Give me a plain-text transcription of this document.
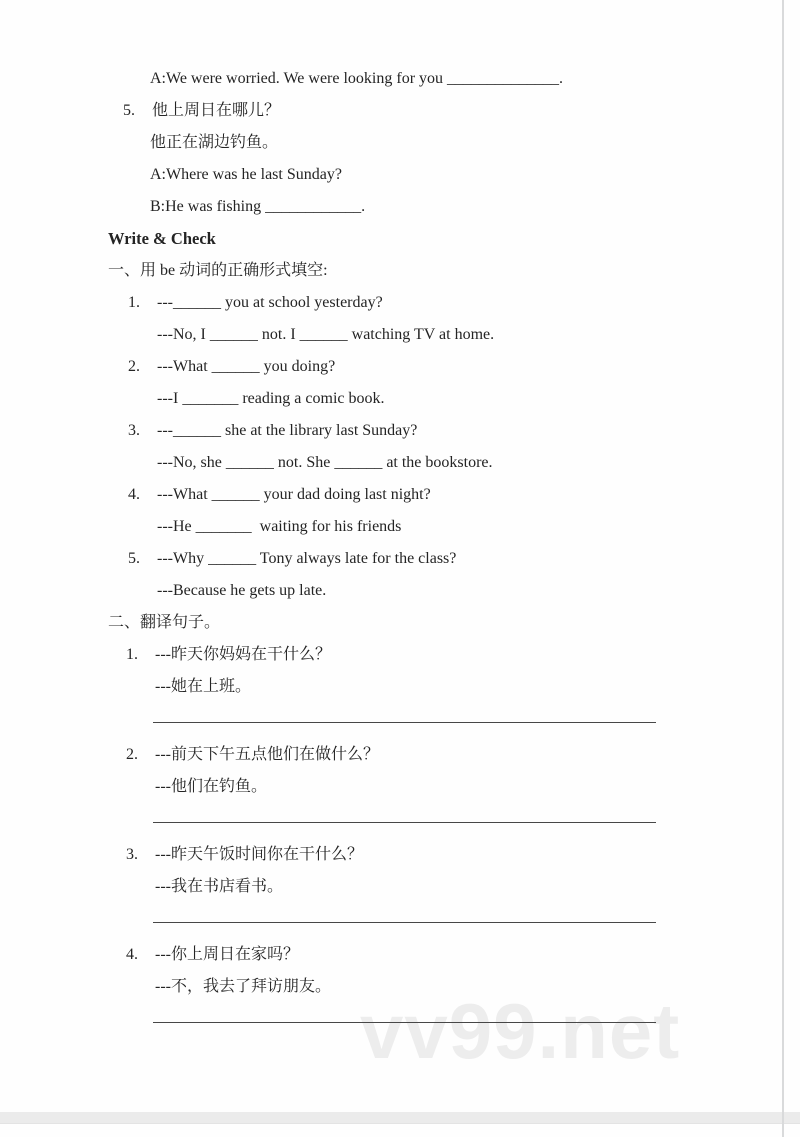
vv99.net
A:We were worried. We were looking for you ______________.
5.	他上周日在哪儿？
他正在湖边钓鱼。
A:Where was he last Sunday?
B:He was fishing ____________.
Write & Check
一、用 be 动词的正确形式填空:
1.	---______ you at school yesterday?
---No, I ______ not. I ______ watching TV at home.
2.	---What ______ you doing?
---I _______ reading a comic book.
3.	---______ she at the library last Sunday?
---No, she ______ not. She ______ at the bookstore.
4.	---What ______ your dad doing last night?
---He _______  waiting for his friends
5.	---Why ______ Tony always late for the class?
---Because he gets up late.
二、翻译句子。
1.	---昨天你妈妈在干什么？
---她在上班。
2.	---前天下午五点他们在做什么？
---他们在钓鱼。
3.	---昨天午饭时间你在干什么？
---我在书店看书。
4.	---你上周日在家吗？
---不，我去了拜访朋友。
